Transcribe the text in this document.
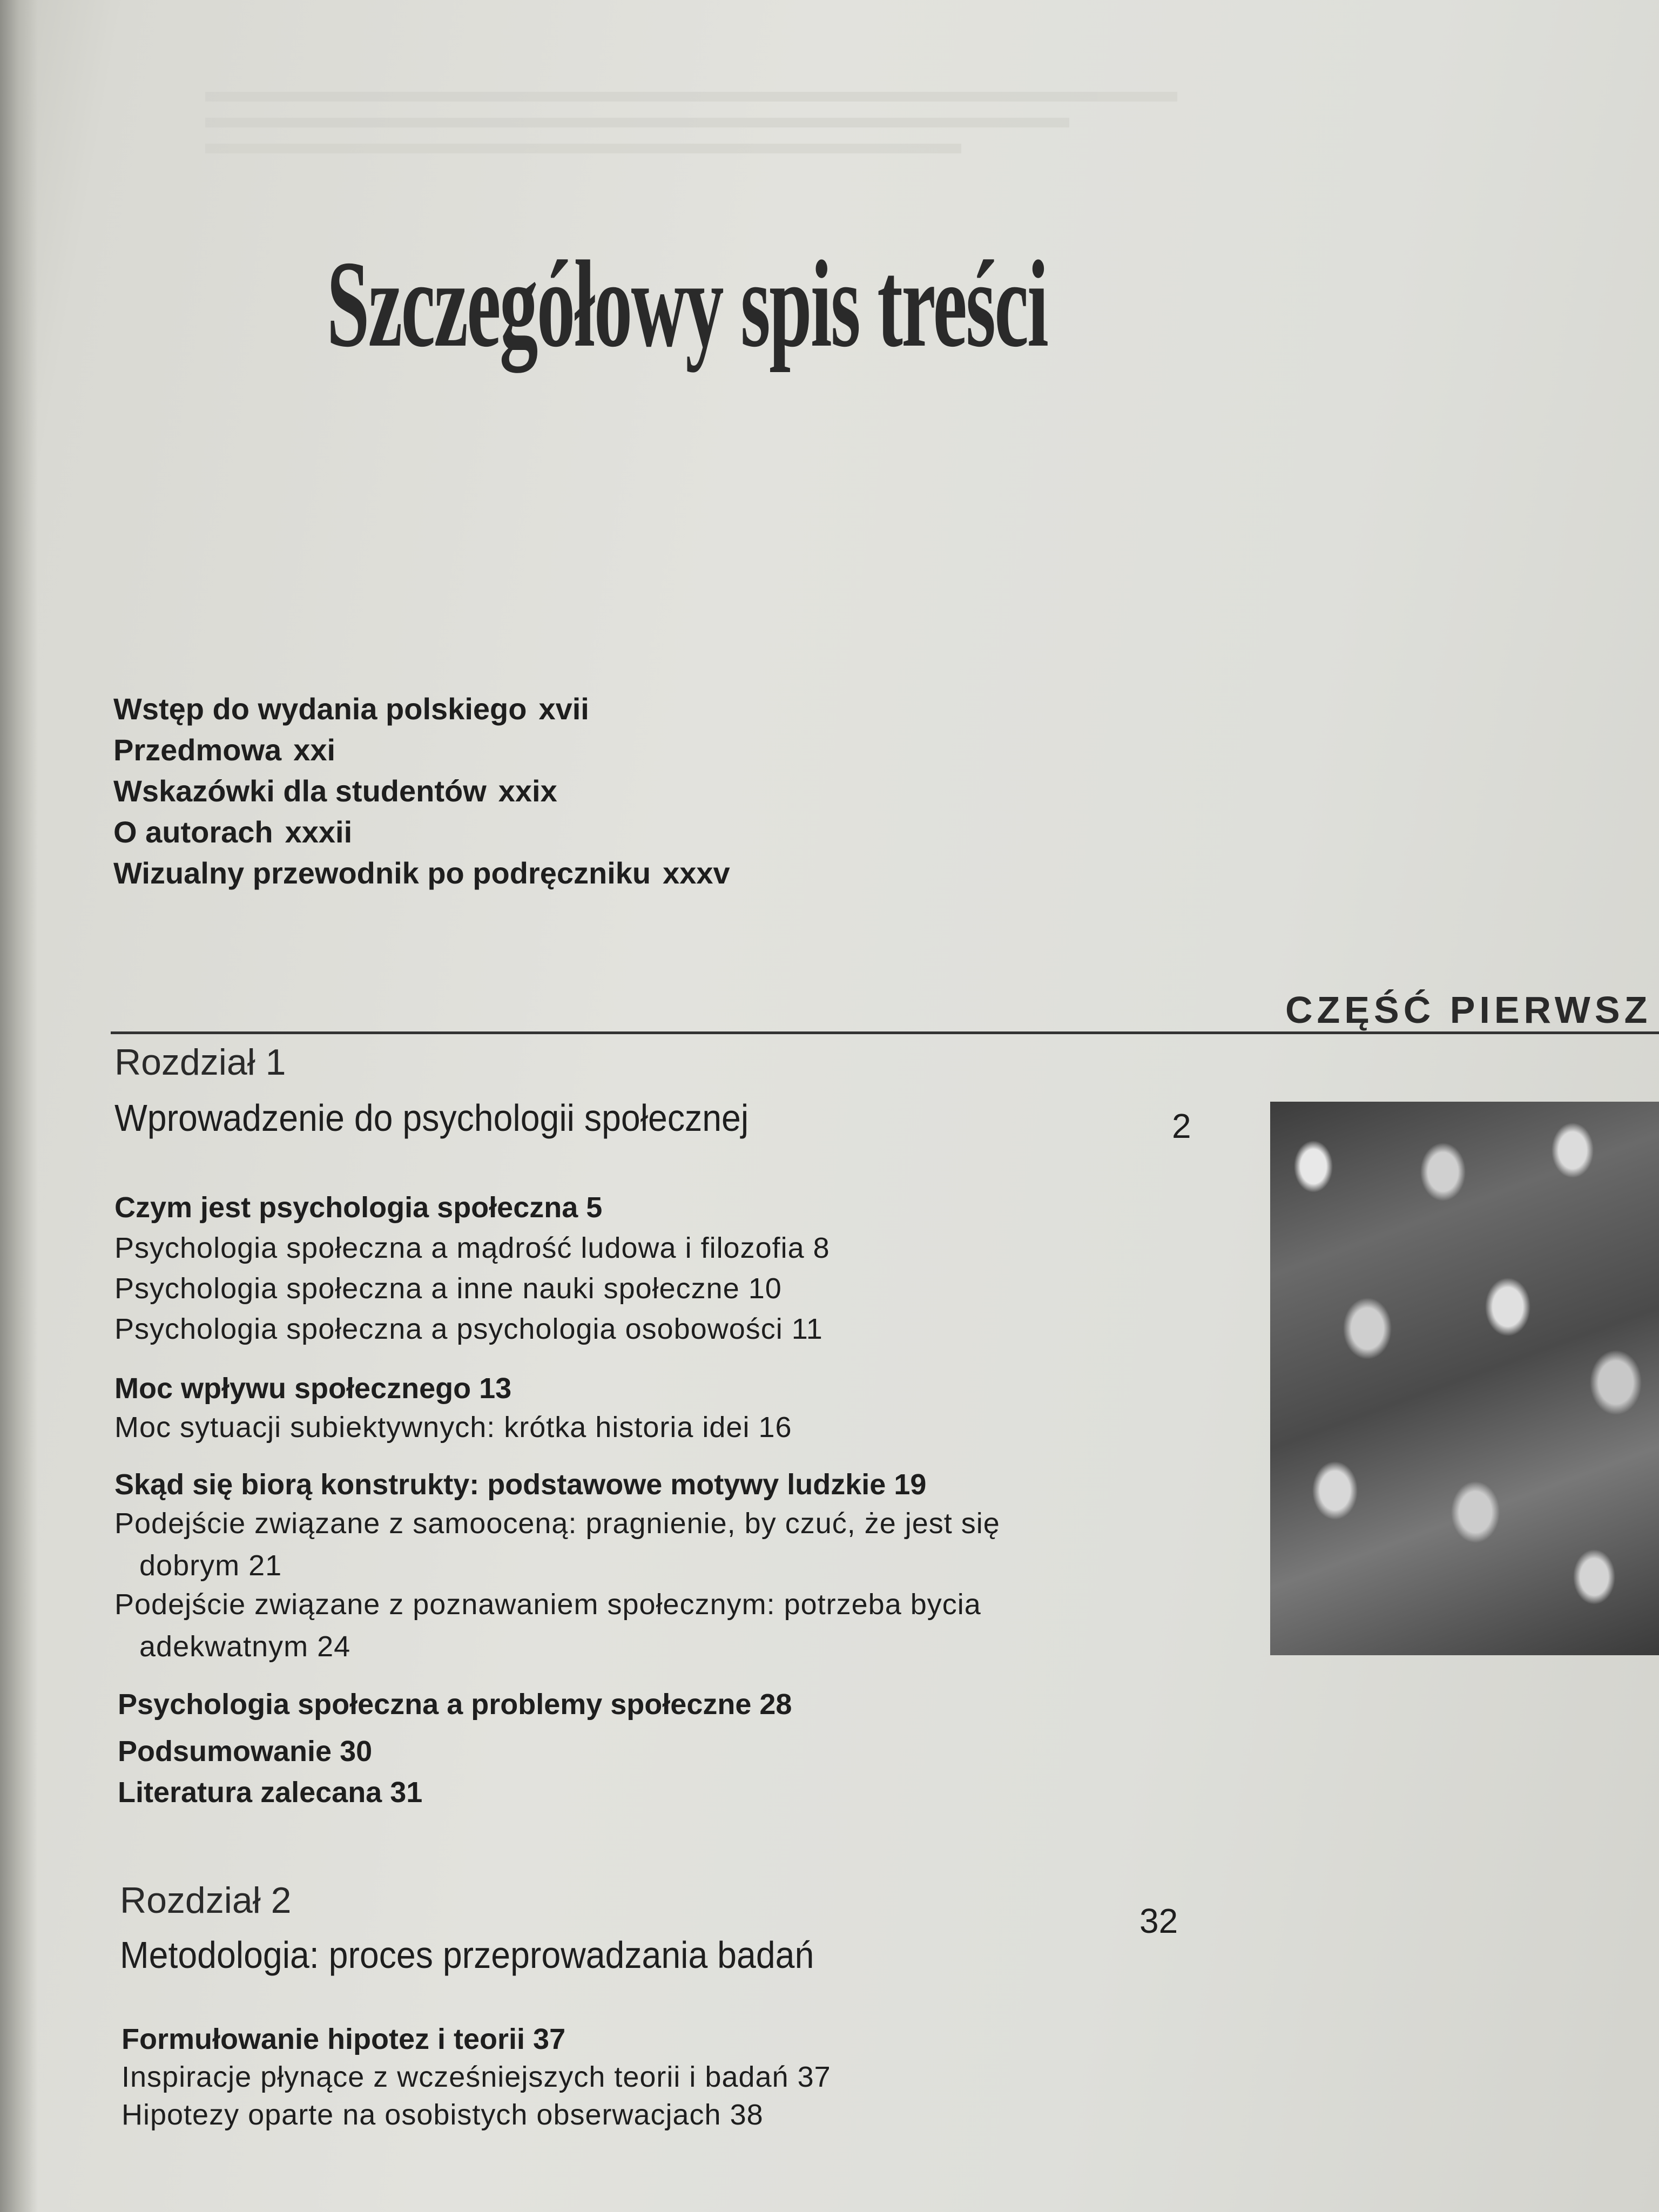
Szczegółowy spis treści
Wstęp do wydania polskiego xvii
Przedmowa xxi
Wskazówki dla studentów xxix
O autorach xxxii
Wizualny przewodnik po podręczniku xxxv
CZĘŚĆ PIERWSZ
Rozdział 1
Wprowadzenie do psychologii społecznej	2
Czym jest psychologia społeczna 5
Psychologia społeczna a mądrość ludowa i filozofia 8
Psychologia społeczna a inne nauki społeczne 10
Psychologia społeczna a psychologia osobowości 11
Moc wpływu społecznego 13
Moc sytuacji subiektywnych: krótka historia idei 16
Skąd się biorą konstrukty: podstawowe motywy ludzkie 19
Podejście związane z samooceną: pragnienie, by czuć, że jest się
dobrym 21
Podejście związane z poznawaniem społecznym: potrzeba bycia
adekwatnym 24
Psychologia społeczna a problemy społeczne 28
Podsumowanie 30
Literatura zalecana 31
Rozdział 2
Metodologia: proces przeprowadzania badań
32
Formułowanie hipotez i teorii 37
Inspiracje płynące z wcześniejszych teorii i badań 37
Hipotezy oparte na osobistych obserwacjach 38
